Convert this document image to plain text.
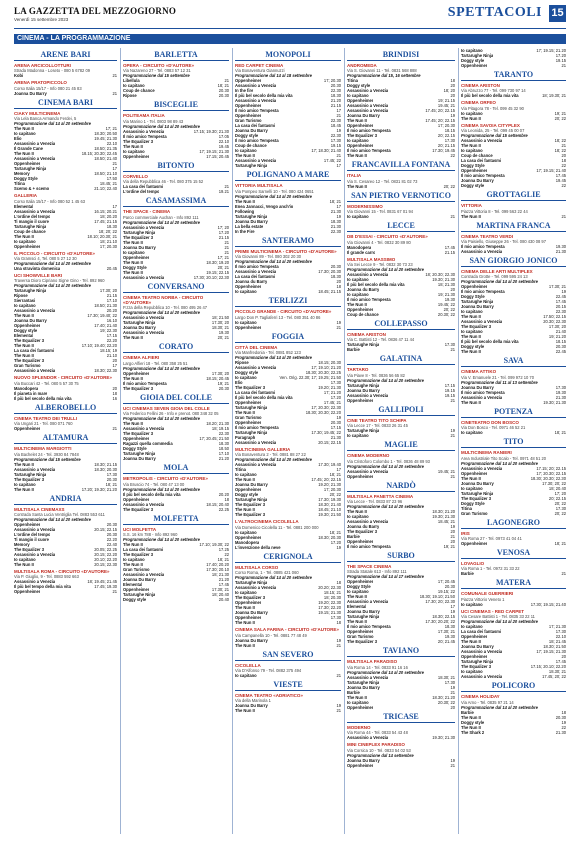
LA GAZZETTA DEL MEZZOGIORNO
Venerdì 15 settembre 2023	SPETTACOLI 15
CINEMA - LA PROGRAMMAZIONE
ARENE BARI
ARENA ARCICOLLOTTURI
Strada Madonna - Loseto - 080 5 6782 09
Kobi	21
ARENA PRATOPICCOLO
Corso Italia 15/17 - Info 080 21 45 83
Joanna Du Barry	21
CINEMA BARI
CIAKY MULTICINEMA
Via Lela Banca Armando Ferdei, 5
Programmazione dal 14 al 20 settembre
The Nun II	17; 21
Io capitano	18.30; 20.50
Elio	19.45; 21.30
Assassinio a Venezia	22.10
Il Grande Cane	18.50; 21.35
The Nun II	18.15; 20.30; 22.45
Assassinio a Venezia	18.50; 21.40
Oppenheimer	21
Tartarughe Ninja	17
Memory	18.50; 21.10
Doggy Style	17.50
Titina	18.45; 21
Scemo & + scemo	21.10; 22.40
GALLERIA
Corso Italia 15/17 - Info 080 52 1 45 63
Elemental	17
Assassinio a Venezia	16.15; 20.21
L'ordine del tempo	18; 20.20
Ti mangio il cuore	17.45; 21.15
Tartarughe Ninja	18.30
Coup de chance	18; 20; 22
The Nun II	18.10; 20.30; 21
Io capitano	18; 21.10
Oppenheimer	17; 20.30
IL PICCOLO - CIRCUITO «D'AUTORE»
Via Gramsci 4, Tel. 080 5 27 12 30
Programmazione dal 14 al 20 settembre
Una stravinta domenica	20.45
UCI SHOWVILLE BARI
Traversa Dioro Cipriano Signe Gino - Tel. 892 960
Programmazione dal 14 al 20 settembre
Tartarughe Ninja	17.30; 20
Ripose	21.15
Sierrantasi	17.10
Io capitano	18.50; 21.30
Assassinio a Venezia	20.20
The Nun II	17.30; 19.40; 22
Joanna Du Barry	16.10
Oppenheimer	17.40; 21.40
Doggy style	19; 22.30
Elemental	17.15
The Equalizer 3	22.20
The Nun II	17.10; 19.40; 22.20
La casa dei fantasmi	18.15; 19
The Nun II	21.10
The Equalizer 3	20
Gran Turismo	17
Assassinio a Venezia	18.30; 22.30
NUOVO SPLENDOR - CIRCUITO «D'AUTORE»
Via Buccari 42 - Tel. 080 5 57 30 75
Manodopera	20
Il pianeta in mare	18
Il più bel secolo della mia vita	16
ALBEROBELLO
CINEMA TEATRO DEI TRULLI
Via Ungari 21 - Tel. 080 071 760
Oppenheimer	21
ALTAMURA
MULTICINEMA MARGIOTTI
Via Bachelet 24 - Tel. 3930 84 7848
Programmazione dal 15 settembre
The Nun II	18.30; 21.15
Assassinio a Venezia	18.30; 20.30
Tartarughe Ninja	17.30
The Equalizer 3	20.30
Io capitano	18; 21
The Nun II	17.20; 19.30; 21.20
ANDRIA
MULTISALA CINEMAXS
Contrada Santa Lucia Ventriglia Tel. 0883 553 611
Programmazione dal 14 al 20 settembre
Oppenheimer	20.30
Assassinio a Venezia	20.15; 22.15
L'ordine del tempo	20.30
Ti mangio il cuore	22.20
Memory	22.40
The Equalizer 3	20.05; 22.25
Assassinio a Venezia	20.15; 22.20
Io capitano	20.10; 22.20
The Nun II	20.15; 22.30
MULTISALA ROMA - CIRCUITO «D'AUTORE»
Via P. Giuglio, 9 - Tel. 0883 592 663
Assassinio a Venezia	18; 19.45; 21.45
Il più bel tempo della mia vita	17.45; 19.30
Oppenheimer	21
BARLETTA
OPERA - CIRCUITO «D'AUTORE»
Via Nazareno 27 - Tel. 0883 57 12 31
Programmazione dal 15 settembre
Libellula	21
Io capitano	18; 21
Coup de chance	20.30
Ripose	20.30
BISCEGLIE
POLITEAMA ITALIA
Via Marino 1 - Tel. 0803 98 89 43
Programmazione dal 14 al 20 settembre
Assassinio a Venezia	17.15; 19.30; 21.30
Il mio amico Tempesta	17.05
The Equalizer 3	22.10
The Nun II	19.45
Io capitano	17; 19.15; 21.30
Oppenheimer	17.15; 20.45
BITONTO
CORVELLO
Via della Repubblica 46 - Tel. 080 375 15 52
La casa dei fantasmi	21
L'ordine del tempo	19.21
CASAMASSIMA
THE SPACE - CINEMA
Parco commerciale Auchan - Info 892 111
Programmazione dal 14 al 20 settembre
Assassinio a Venezia	17; 20
Tartarughe Ninja	17.20
The Equalizer 3	21.15
The Nun II	21
Joanna Du Barry	21
Io capitano	21
Oppenheimer	17; 21
The Nun II	18.30; 19.20
Doggy Style	20; 21
The Nun II	19.15; 22.15
Assassinio a Venezia	17.30; 20.10; 22.30
CONVERSANO
CINEMA TEATRO NORBA - CIRCUITO «D'AUTORE»
P.zza della Repubblica 10 - Tel. 080 495 26 47
Programmazione dal 14 al 20 settembre
Assassinio a Venezia	18; 21.50
Tartarughe Ninja	17.30; 20
Joanna Du Barry	18.30; 21
Assassinio a Venezia	19.30
The Nun II	20; 21
CORATO
CINEMA ALFIERI
Largo Alfieri 18 - Tel. 080 358 25 51
Programmazione dal 14 al 20 settembre
Oppenheimer	17.30; 20
The Nun II	18.15; 20.45
Il mio amico Tempesta	19; 21
The Equalizer 3	20.30
GIOIA DEL COLLE
UCI CINEMAS SEVEN GIOIA DEL COLLE
Via Federico Fellini 26 - Info e prenot. 080 348 32 05
Programmazione dal 14 al 20 settembre
The Nun II	18.20; 21.30
Assassinio a Venezia	18; 19.15
The Equalizer 3	22.30
Oppenheimer	17; 20.45; 21.50
Ragazzi quella commedia	18.30
Doggy Style	18.50
Tartarughe Ninja	17.10
Joanna Du Barry	21.20
MOLA
METROPOLIS - CIRCUITO «D'AUTORE»
Via Bruscio 74 - Tel. 080 47 13 00
Programmazione dal 14 al 20 settembre
Il più bel secolo della mia vita	20.20
Oppenheimer	18
Assassinio a Venezia	18.15; 20.40
The Equalizer 3	22.25
MOLFETTA
UCI MOLFETTA
S.S. 16 km 788 - Info 892 960
Programmazione dal 14 al 20 settembre
The Nun II	17.10; 19.30; 22
La casa dei fantasmi	17.25
The Equalizer 3	22
Io capitano	18; 21
The Nun II	17.40; 20.20
Gran Turismo	17.30; 20.10
Assassinio a Venezia	18; 21.30
Joanna Du Barry	21.20
Elemental	17.45
Oppenheimer	17.30; 21
Tartarughe Ninja	18; 20.40
Doggy style	20.40
MONOPOLI
RED CARPET CINEMA
Via Bonaventura Giannuzzi
Programmazione dal 14 al 18 settembre
Oppenheimer	17; 20.30
Assassinio a Venezia	20.30
In the fire	22.30
Il più bel secolo della mia vita	18.30
Assassinio a Venezia	21.20
Oppenheimer	21.15
Il mio amico Tempesta	17
Oppenheimer	21
Gran Turismo	22.30
La casa dei fantasmi	18.45
Joanna Du Barry	19
Doggy style	22.30
Il mio amico Tempesta	17.30
Coup de chance	19.15
Io capitano	17; 18.30; 21.40
The Nun II	21
Assassinio a Venezia	17.45; 22
Tartarughe Ninja	17
POLIGNANO A MARE
VITTORIA MULTISALA
Via Pompeo Sarnelli 10 - Tel. 080 424 0651
Programmazione dal 14 al 20 settembre
The Nun II	18; 21
Enea Jannacci, Vengo anch'io	17
Following	21.30
Tartarughe Ninja	19
Joanna Du Barry	18.30
La bella estate	21.30
In the Fire	22.30
SANTERAMO
PRIME MULTICINEMA - CIRCUITO «D'AUTORE»
Via Giovanni 89 - Tel. 080 302 20 30
Programmazione dal 14 al 20 settembre
Il mio amico Tempesta	20.30
Assassinio a Venezia	17.30; 20.30
La casa dei fantasmi	18.30
Joanna du Barry	20
Oppenheimer	18
Io capitano	18.45; 21.15
TERLIZZI
PICCOLO GRANDE - CIRCUITO «D'AUTORE»
Largo Don P. Tagliaferri 13 - Tel. 080 351 40 86
Io capitano	19
Oppenheimer	21
FOGGIA
CITTÀ DEL CINEMA
Via Manfredonia - Tel. 0881 852 123
Programmazione dal 14 al 20 settembre
Ripose	18.15; 20.30
Assassinio a Venezia	17; 19.10; 21.20
Doggy style	18.30; 20.30; 22.25
Io capitano	Ven. Orig. 22.30; 17; 19.25; 21.50
Elio	17.30
The Equalizer 3	19.20; 21.30
La casa dei fantasmi	17; 21.20
Il più bel secolo della mia vita	17.20
Oppenheimer	17.45; 21
Tartarughe Ninja	17; 20.30; 22.30
The Nun II	18.30; 20.30; 22.20
Gran Turismo	19
Oppenheimer	20.30
Il mio amico Tempesta	17.15
Tartarughe Ninja	17.30; 19.45; 22
Paragraph	21.30
Assassinio a Venezia	20.15; 22.15
MULTICINEMA GALLERIA
Via Bonaventura 2 - Tel. 0881 88 27 22
Programmazione dal 14 al 20 settembre
Assassinio a Venezia	17.30; 19.40
Titina	17
Io capitano	18; 21
The Nun II	17.45; 20; 22.15
Joanna Du Barry	19.20; 21.30
Oppenheimer	17; 20.30
Doggy style	20; 22
Tartarughe Ninja	17.30; 19.30
The Equalizer 3	18.30; 21.40
The Nun II	18.45; 21.10
The Equalizer 3	19.30; 21.50
L'ALTROCINEMA CICOLELLA
Via Domenico Cicolella 11 - Tel. 0881 200 000
Io capitano	18; 21
Oppenheimer	18.30; 20.30
Manodopera	17.20
L'invenzione della neve	19
CERIGNOLA
MULTISALA CORSO
Corso Roma, 1 - Tel. 0885 421 060
Programmazione dal 14 al 20 settembre
Tartarughe Ninja	18
Assassinio a Venezia	20.20; 22.30
Io capitano	18.15; 21
The Equalizer 3	18; 20.30
Oppenheimer	19.20; 22.30
The Nun II	17.30; 22.20
Joanna Du Barry	19.15; 21.30
Oppenheimer	17.30
The Nun II	18
CINEMA SALA FARINA - CIRCUITO «D'AUTORE»
Via Campanella 10 - Tel. 0881 77 48 49
Joanna Du Barry	19
The Nun II	21
SAN SEVERO
CICOLELLA
Via D'Alfonso 79 - Tel. 0882 375 494
Io capitano	21
VIESTE
CINEMA TEATRO «ADRIATICO»
Via della Marinola 1
Joanna Du Barry	19
The Nun II	21
BRINDISI
ANDROMEDA
Via S. Giovanni 11 - Tel. 0831 568 888
Programmazione dal 15, 16 settembre
Titina	18
Doggy style	20
Assassinio a Venezia	18; 20
Io capitano	20
Oppenheimer	19; 21.15
Assassinio a Venezia	19.45; 21
Assassinio a Venezia	17.45; 20; 22.15
Joanna Du Barry	19
The Nun II	17.45; 20; 22.15
Oppenheimer	17; 20.30
Il mio amico Tempesta	18.15
The Equalizer 3	20; 22.15
Io capitano	17.30
Oppenheimer	20; 21.15
Il mio amico Tempesta	17.30; 19.45
The Nun II	22
FRANCAVILLA FONTANA
ITALIA
Via S. Cesareo 12 - Tel. 0831 81 02 73
The Nun II	20; 22
SAN PIETRO VERNOTICO
MODERNISSIMO
Via Giovanni 15 - Tel. 0831 67 01 94
Io capitano	21
LECCE
DB D'ESSAI - CIRCUITO «D'AUTORE»
Via Giovanni 4 - Tel. 0832 30 89 80
Manodopera	17.45
Il grande carro	21.15
MULTISALA MASSIMO
Via Sei Lecce 9 - Tel. 0832 30 73 23
Programmazione dal 14 al 20 settembre
Assassinio a Venezia	18; 20.30; 22.30
Io capitano	19.30; 21.30
Il più bel secolo della mia vita	18; 21.30
Joanna du Barry	20
Io capitano	19; 21.30
Il mio amico Tempesta	19.30
The Nun II	19.45; 22
Oppenheimer	20; 22
Coup de chance	20.30; 22
COLLEPASSO
CINEMA ARISTON
Via C. Battisti 12 - Tel. 0836 47 11 44
Tartarughe Ninja	17.30
Barbie	21
GALATINA
TARTARO
Via Piave 8 - Tel. 0836 56 65 82
Programmazione dal 14 al 20 settembre
Tartarughe Ninja	17.15
Joanna Du Barry	19.15
Assassinio a Venezia	19.15
Oppenheimer	21
GALLIPOLI
CINE TEATRO TITO SCHIPA
Via Lecce 17 - Tel. 0833 26 31 45
Tartarughe Ninja	19
Io capitano	21
MAGLIE
CINEMA MODERNO
Via Cristoforo Colombo 1 - Tel. 0836 48 89 93
Programmazione dal 14 al 20 settembre
Assassinio a Venezia	19.45; 21
Oppenheimer	21
NARDÒ
MULTISALA PANETTA CINEMA
Via Lecce - Tel. 0833 87 23 96
Programmazione dal 14 al 20 settembre
The Nun II	18.30; 21.20
Io capitano	19.30; 21.30
Assassinio a Venezia	18.45; 21
Joanna du Barry	19
The Equalizer 3	20
Barbie	21
Oppenheimer	20
Il mio amico Tempesta	19; 21
SURBO
THE SPACE CINEMA
Strada Statale 613 - Info 892 111
Programmazione dal 14 al 17 settembre
Oppenheimer	17; 20.45
Doggy Style	20.30
Io capitano	19.15; 22
The Nun II	18.30; 19.10; 21.50
Assassinio a Venezia	17.30; 20; 22.30
Elemental	17
Joanna Du Barry	19
Tartarughe Ninja	18.30; 22.15
The Nun II	17.30; 20.20; 22
Il mio amico Tempesta	18.30
Oppenheimer	17.30; 21
Gran Turismo	19.30
The Equalizer 3	20; 21.45
TAVIANO
MULTISALA PARADISO
Via Roma 14 - Tel. 0833 91 16 16
Programmazione dal 14 al 20 settembre
Assassinio a Venezia	18.30; 21
Tartarughe Ninja	17.30
Joanna Du Barry	19
Barbie	21
The Nun II	18.30; 21.20
Io capitano	20.30; 22
Oppenheimer	20
TRICASE
MODERNO
Via Roma 44 - Tel. 0833 54 43 48
Assassinio a Venezia	19.30; 21.30
MINI CINEPLEX PARADISO
Via Corsica 10 - Tel. 0833 54 02 53
Programmazione dal 14 settembre
Joanna Du Barry	19
Oppenheimer	21
Io capitano	17; 19.15; 21.20
Tartarughe Ninja	17.20
Doggy style	19.15
Oppenheimer	21
TARANTO
CINEMA ARISTON
Via Abruzzo 77 - Tel. 099 730 97 14
Il più bel secolo della mia vita	18; 19.30; 21
CINEMA ORFEO
Via Pitagora 78 - Tel. 099 45 32 90
Io capitano	19; 21
The Nun II	20; 22
CINEMA SAVOIA CITYPLEX
Via Leonida, 25 - Tel. 099 45 00 07
Programmazione dal 15 settembre
Assassinio a Venezia	18; 22
The Nun II	21
Io capitano	18; 22
Coup de chance	20
La casa dei fantasmi	18
Doggy Style	22
Oppenheimer	17; 19.15; 21.40
Il mio amico Tempesta	17.45
Joanna Du Barry	19.45
Doggy style	22
GROTTAGLIE
VITTORIA
Piazza Vittoria 8 - Tel. 099 563 22 44
The Nun II	21
MARTINA FRANCA
CINEMA TEATRO VERDI
Via Paisiello, Giuseppe 26 - Tel. 080 430 08 97
Il mio amico Tempesta	19.30
Assassinio a Venezia	21.30
SAN GIORGIO JONICO
CINEMA DELLE ARTI MULTIPLEX
Contrada Grotte - Tel. 099 595 24 13
Programmazione dal 14 al 20 settembre
Oppenheimer	17.30; 21
Il mio amico Tempesta	19
Doggy Style	22.45
Tartarughe Ninja	17.45
Joanna Du Barry	20.15
Io capitano	22.30
The Nun II	17.50; 22.15
Assassinio a Venezia	20.30; 22.30
The Equalizer 3	17.30; 20
Io capitano	21.40
The Nun II	19; 21.20
Il più bel secolo della mia vita	18.15
Doggy style	20.30
The Nun II	22.45
SAVA
CINEMA ATTIKO
Via V. Emanuele 21 - Tel. 099 972 10 70
Programmazione dal 11 al 13 settembre
Joanna Du Barry	17.30
Il mio amico Tempesta	19.30
Assassinio a Venezia	21.30
The Nun II	19.30; 21.30
POTENZA
CINETEATRO DON BOSCO
Via Don Bosco - Tel. 0971 46 52 21
Io capitano	18; 21
TITO
MULTICINEMA RANIERI
Area Industriale Tito Scalo - Tel. 0971 48 51 20
Programmazione dal 14 al 20 settembre
Assassinio a Venezia	17.15; 20; 22.15
Oppenheimer	17; 20.30; 22.15
The Nun II	18.30; 20.30; 22.30
Joanna Du Barry	17.30; 20; 22
Io capitano	18; 20.40
Tartarughe Ninja	17; 20
The Equalizer 3	20; 22.15
Doggy Style	20; 22
Titina	17.30
Gran Turismo	20; 22
LAGONEGRO
IRIS
Via Roma 27 - Tel. 0973 41 04 41
Oppenheimer	18; 21
VENOSA
LOVAGLIO
Via Roma 1 - Tel. 0972 31 33 22
Barbie	21
MATERA
COMUNALE GUERRIERI
Piazza Vittorio Veneto 1
Io capitano	17.30; 19.15; 21.40
UCI CINEMAS - RED CARPET
Via Cesare Battisti 1 - Tel. 0835 33 22 11
Programmazione dal 14 al 20 settembre
Io capitano	17; 21.30
La casa dei fantasmi	17.30
Oppenheimer	22.10
The Nun II	18; 21.45
Joanna Du Barry	18.30; 21.50
Assassinio a Venezia	17; 19.15; 21.30
Oppenheimer	20
Tartarughe Ninja	17.45
The Equalizer 3	17.15; 20.10; 22.20
Io capitano	18.30; 21
Assassinio a Venezia	17.45; 20; 22
POLICORO
CINEMA HOLIDAY
Via Arno - Tel. 0835 97 21 14
Programmazione dal 14 al 20 settembre
Barbie	18
The Nun II	20.30
Doggy style	19
The Nun II	22
The Shark 2	21.30
